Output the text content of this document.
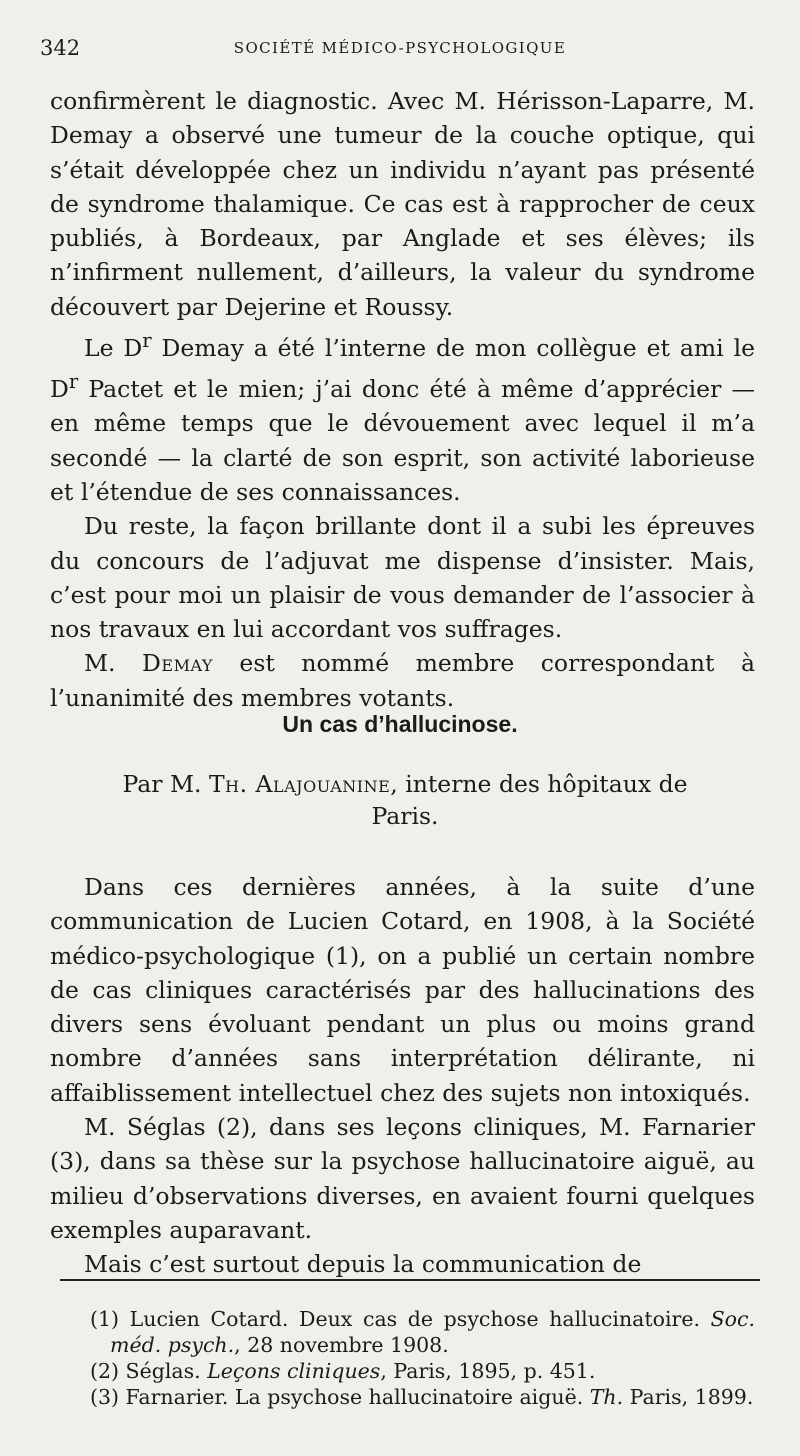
342	SOCIÉTÉ MÉDICO-PSYCHOLOGIQUE

confirmèrent le diagnostic. Avec M. Hérisson-Laparre, M. Demay a observé une tumeur de la couche optique, qui s’était développée chez un individu n’ayant pas présenté de syndrome thalamique. Ce cas est à rapprocher de ceux publiés, à Bordeaux, par Anglade et ses élèves; ils n’infirment nullement, d’ailleurs, la valeur du syndrome découvert par Dejerine et Roussy.

Le $D^r$ Demay a été l’interne de mon collègue et ami le $D^r$ Pactet et le mien; j’ai donc été à même d’apprécier — en même temps que le dévouement avec lequel il m’a secondé — la clarté de son esprit, son activité laborieuse et l’étendue de ses connaissances.

Du reste, la façon brillante dont il a subi les épreuves du concours de l’adjuvat me dispense d’insister. Mais, c’est pour moi un plaisir de vous demander de l’associer à nos travaux en lui accordant vos suffrages.

M. Demay est nommé membre correspondant à l’unanimité des membres votants.

Un cas d’hallucinose.
Par M. Th. Alajouanine, interne des hôpitaux de Paris.

Dans ces dernières années, à la suite d’une communication de Lucien Cotard, en 1908, à la Société médico-psychologique (1), on a publié un certain nombre de cas cliniques caractérisés par des hallucinations des divers sens évoluant pendant un plus ou moins grand nombre d’années sans interprétation délirante, ni affaiblissement intellectuel chez des sujets non intoxiqués.

M. Séglas (2), dans ses leçons cliniques, M. Farnarier (3), dans sa thèse sur la psychose hallucinatoire aiguë, au milieu d’observations diverses, en avaient fourni quelques exemples auparavant.

Mais c’est surtout depuis la communication de

(1) Lucien Cotard. Deux cas de psychose hallucinatoire. Soc. méd. psych., 28 novembre 1908.

(2) Séglas. Leçons cliniques, Paris, 1895, p. 451.

(3) Farnarier. La psychose hallucinatoire aiguë. Th. Paris, 1899.
